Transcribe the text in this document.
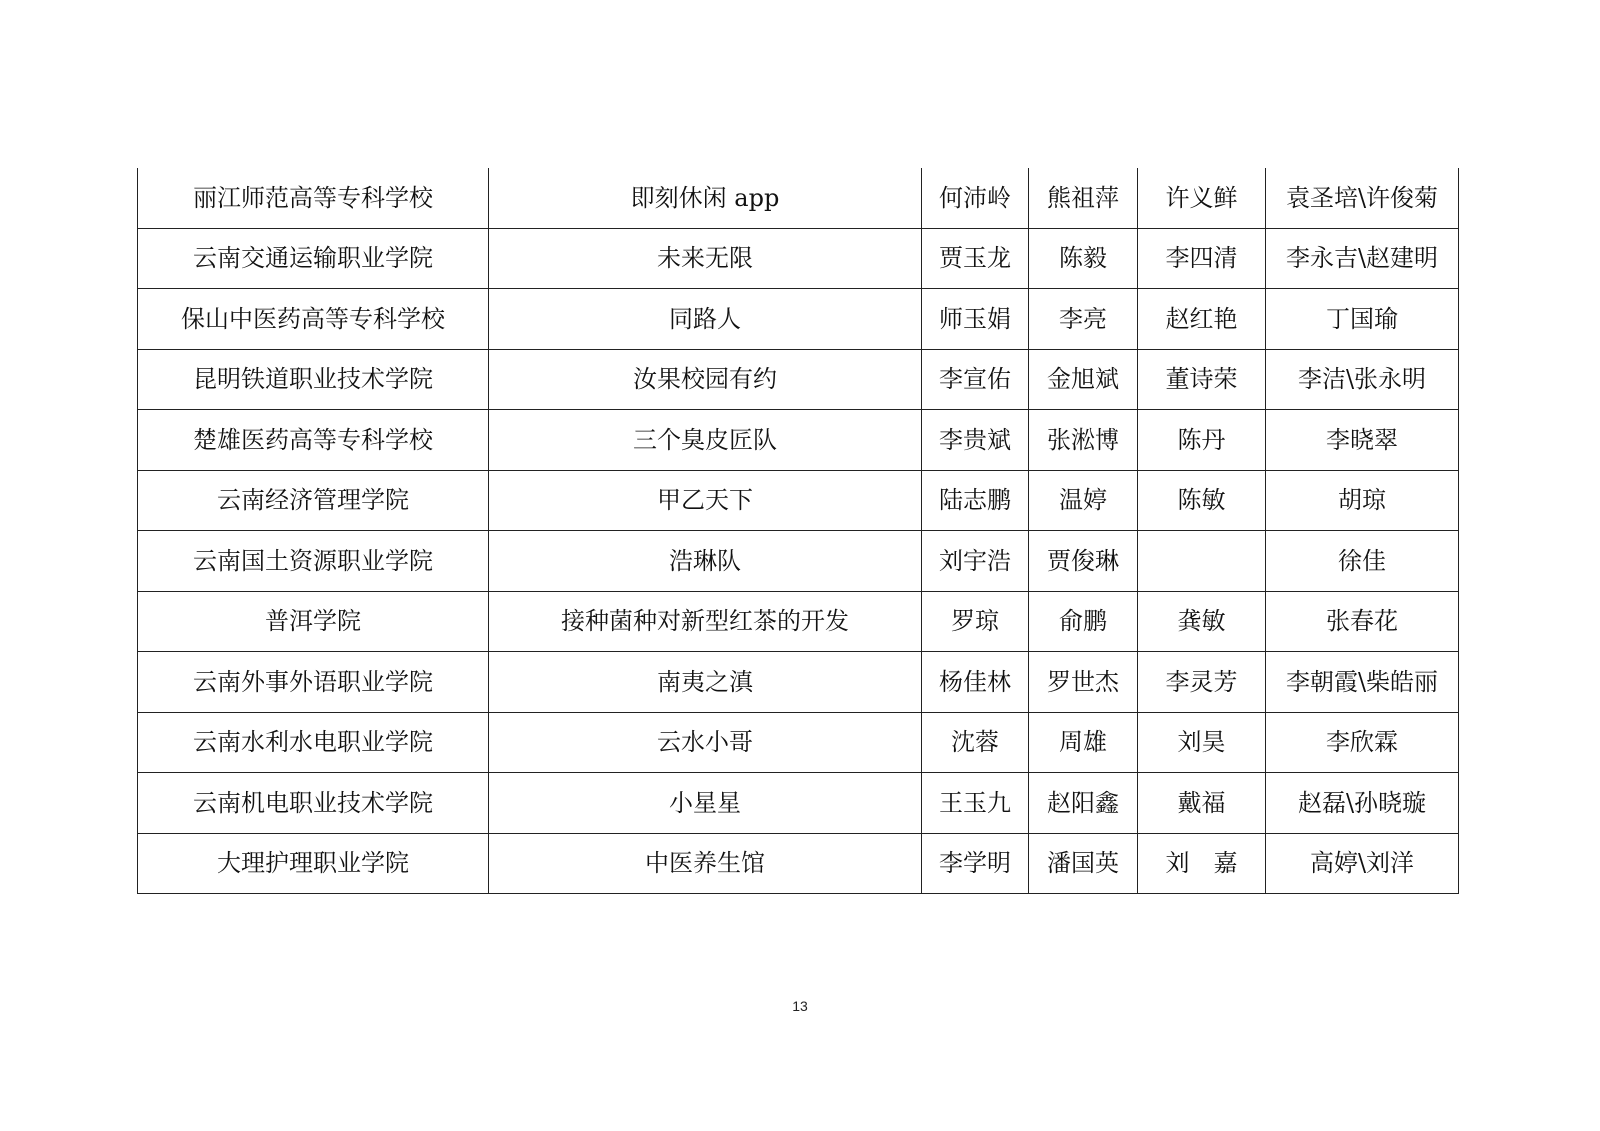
丽江师范高等专科学校	即刻休闲 app	何沛岭	熊祖萍	许义鲜	袁圣培\许俊菊
云南交通运输职业学院	未来无限	贾玉龙	陈毅	李四清	李永吉\赵建明
保山中医药高等专科学校	同路人	师玉娟	李亮	赵红艳	丁国瑜
昆明铁道职业技术学院	汝果校园有约	李宣佑	金旭斌	董诗荣	李洁\张永明
楚雄医药高等专科学校	三个臭皮匠队	李贵斌	张淞博	陈丹	李晓翠
云南经济管理学院	甲乙天下	陆志鹏	温婷	陈敏	胡琼
云南国土资源职业学院	浩琳队	刘宇浩	贾俊琳		徐佳
普洱学院	接种菌种对新型红茶的开发	罗琼	俞鹏	龚敏	张春花
云南外事外语职业学院	南夷之滇	杨佳林	罗世杰	李灵芳	李朝霞\柴皓丽
云南水利水电职业学院	云水小哥	沈蓉	周雄	刘昊	李欣霖
云南机电职业技术学院	小星星	王玉九	赵阳鑫	戴福	赵磊\孙晓璇
大理护理职业学院	中医养生馆	李学明	潘国英	刘　嘉	高婷\刘洋
13
